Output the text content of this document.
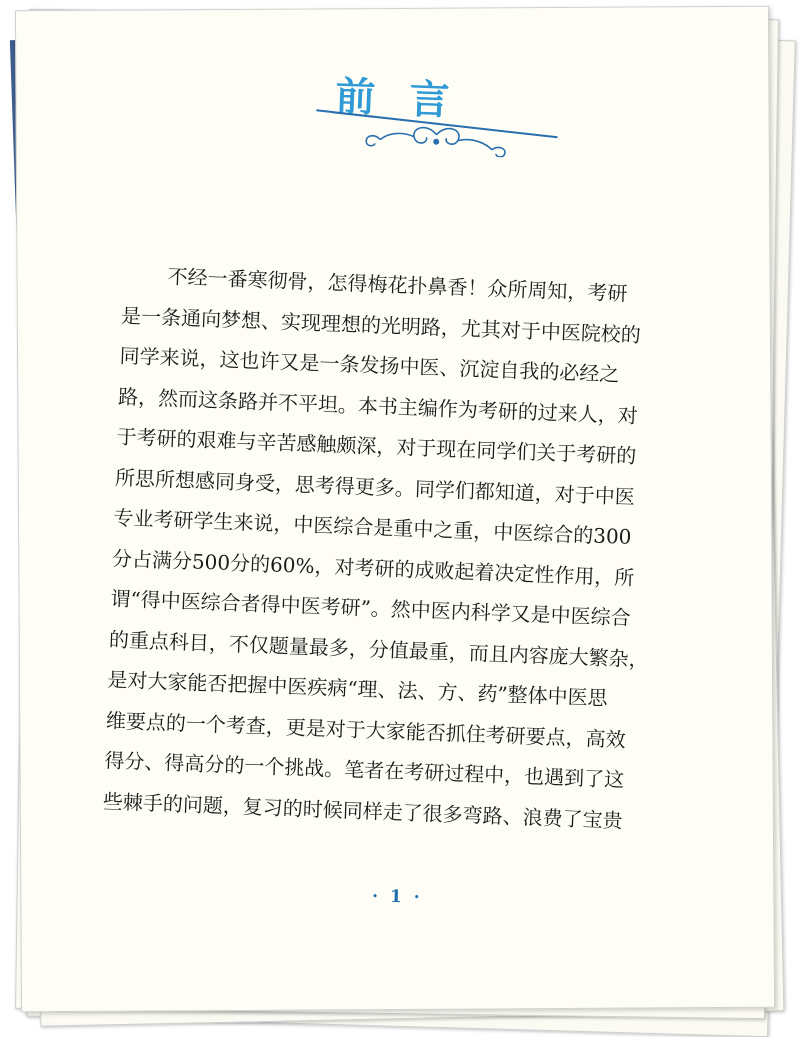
前言
不经一番寒彻骨，怎得梅花扑鼻香！众所周知，考研
是一条通向梦想、实现理想的光明路，尤其对于中医院校的
同学来说，这也许又是一条发扬中医、沉淀自我的必经之
路，然而这条路并不平坦。本书主编作为考研的过来人，对
于考研的艰难与辛苦感触颇深，对于现在同学们关于考研的
所思所想感同身受，思考得更多。同学们都知道，对于中医
专业考研学生来说，中医综合是重中之重，中医综合的300
分占满分500分的60%，对考研的成败起着决定性作用，所
谓“得中医综合者得中医考研”。然中医内科学又是中医综合
的重点科目，不仅题量最多，分值最重，而且内容庞大繁杂，
是对大家能否把握中医疾病“理、法、方、药”整体中医思
维要点的一个考查，更是对于大家能否抓住考研要点，高效
得分、得高分的一个挑战。笔者在考研过程中，也遇到了这
些棘手的问题，复习的时候同样走了很多弯路、浪费了宝贵
· 1 ·
